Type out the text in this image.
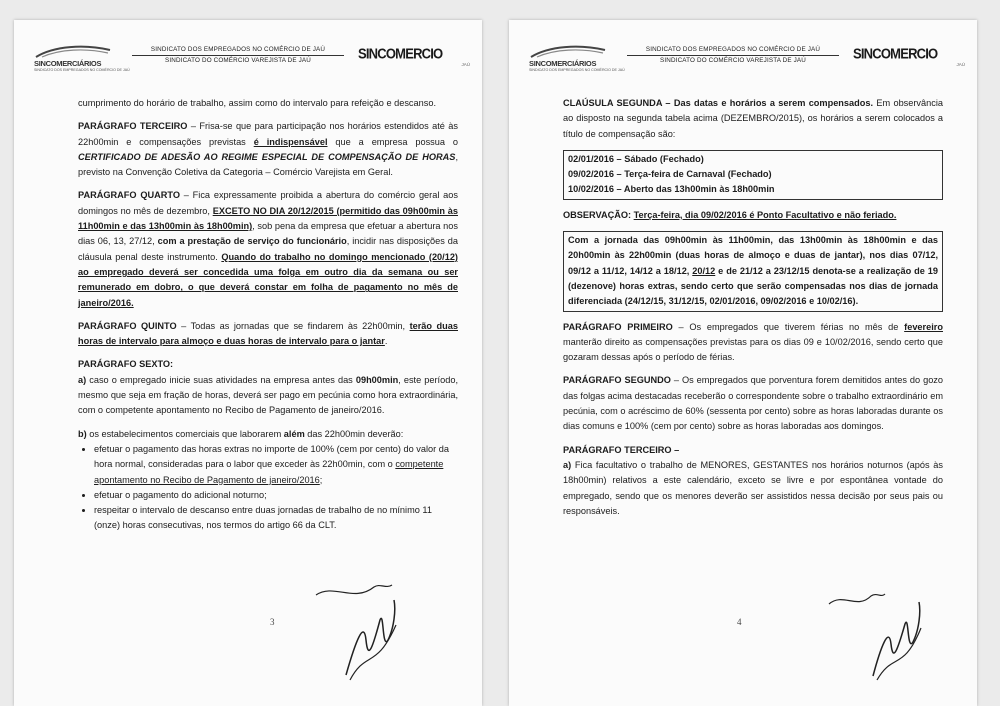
SINCOMERCIÁRIOS
SINDICATO DOS EMPREGADOS NO COMÉRCIO DE JAÚ
SINDICATO DOS EMPREGADOS NO COMÉRCIO DE JAÚ
SINDICATO DO COMÉRCIO VAREJISTA DE JAÚ	SINCOMERCIO
JAÚ

cumprimento do horário de trabalho, assim como do intervalo para refeição e descanso.

PARÁGRAFO TERCEIRO – Frisa-se que para participação nos horários estendidos até às 22h00min e compensações previstas é indispensável que a empresa possua o CERTIFICADO DE ADESÃO AO REGIME ESPECIAL DE COMPENSAÇÃO DE HORAS, previsto na Convenção Coletiva da Categoria – Comércio Varejista em Geral.

PARÁGRAFO QUARTO – Fica expressamente proibida a abertura do comércio geral aos domingos no mês de dezembro, EXCETO NO DIA 20/12/2015 (permitido das 09h00min às 11h00min e das 13h00min às 18h00min), sob pena da empresa que efetuar a abertura nos dias 06, 13, 27/12, com a prestação de serviço do funcionário, incidir nas disposições da cláusula penal deste instrumento. Quando do trabalho no domingo mencionado (20/12) ao empregado deverá ser concedida uma folga em outro dia da semana ou ser remunerado em dobro, o que deverá constar em folha de pagamento no mês de janeiro/2016.

PARÁGRAFO QUINTO – Todas as jornadas que se findarem às 22h00min, terão duas horas de intervalo para almoço e duas horas de intervalo para o jantar.

PARÁGRAFO SEXTO:

a) caso o empregado inicie suas atividades na empresa antes das 09h00min, este período, mesmo que seja em fração de horas, deverá ser pago em pecúnia como hora extraordinária, com o competente apontamento no Recibo de Pagamento de janeiro/2016.

b) os estabelecimentos comerciais que laborarem além das 22h00min deverão:

• efetuar o pagamento das horas extras no importe de 100% (cem por cento) do valor da hora normal, consideradas para o labor que exceder às 22h00min, com o competente apontamento no Recibo de Pagamento de janeiro/2016;
• efetuar o pagamento do adicional noturno;
• respeitar o intervalo de descanso entre duas jornadas de trabalho de no mínimo 11 (onze) horas consecutivas, nos termos do artigo 66 da CLT.
3
SINCOMERCIÁRIOS
SINDICATO DOS EMPREGADOS NO COMÉRCIO DE JAÚ
SINDICATO DOS EMPREGADOS NO COMÉRCIO DE JAÚ
SINDICATO DO COMÉRCIO VAREJISTA DE JAÚ	SINCOMERCIO
JAÚ

CLAÚSULA SEGUNDA – Das datas e horários a serem compensados. Em observância ao disposto na segunda tabela acima (DEZEMBRO/2015), os horários a serem colocados a título de compensação são:

02/01/2016 – Sábado (Fechado)
09/02/2016 – Terça-feira de Carnaval (Fechado)
10/02/2016 – Aberto das 13h00min às 18h00min

OBSERVAÇÃO: Terça-feira, dia 09/02/2016 é Ponto Facultativo e não feriado.

Com a jornada das 09h00min às 11h00min, das 13h00min às 18h00min e das 20h00min às 22h00min (duas horas de almoço e duas de jantar), nos dias 07/12, 09/12 a 11/12, 14/12 a 18/12, 20/12 e de 21/12 a 23/12/15 denota-se a realização de 19 (dezenove) horas extras, sendo certo que serão compensadas nos dias de jornada diferenciada (24/12/15, 31/12/15, 02/01/2016, 09/02/2016 e 10/02/16).

PARÁGRAFO PRIMEIRO – Os empregados que tiverem férias no mês de fevereiro manterão direito as compensações previstas para os dias 09 e 10/02/2016, sendo certo que gozaram dessas após o período de férias.

PARÁGRAFO SEGUNDO – Os empregados que porventura forem demitidos antes do gozo das folgas acima destacadas receberão o correspondente sobre o trabalho extraordinário em pecúnia, com o acréscimo de 60% (sessenta por cento) sobre as horas laboradas durante os dias comuns e 100% (cem por cento) sobre as horas laboradas aos domingos.

PARÁGRAFO TERCEIRO –

a) Fica facultativo o trabalho de MENORES, GESTANTES nos horários noturnos (após às 18h00min) relativos a este calendário, exceto se livre e por espontânea vontade do empregado, sendo que os menores deverão ser assistidos nessa decisão por seus pais ou responsáveis.

4
